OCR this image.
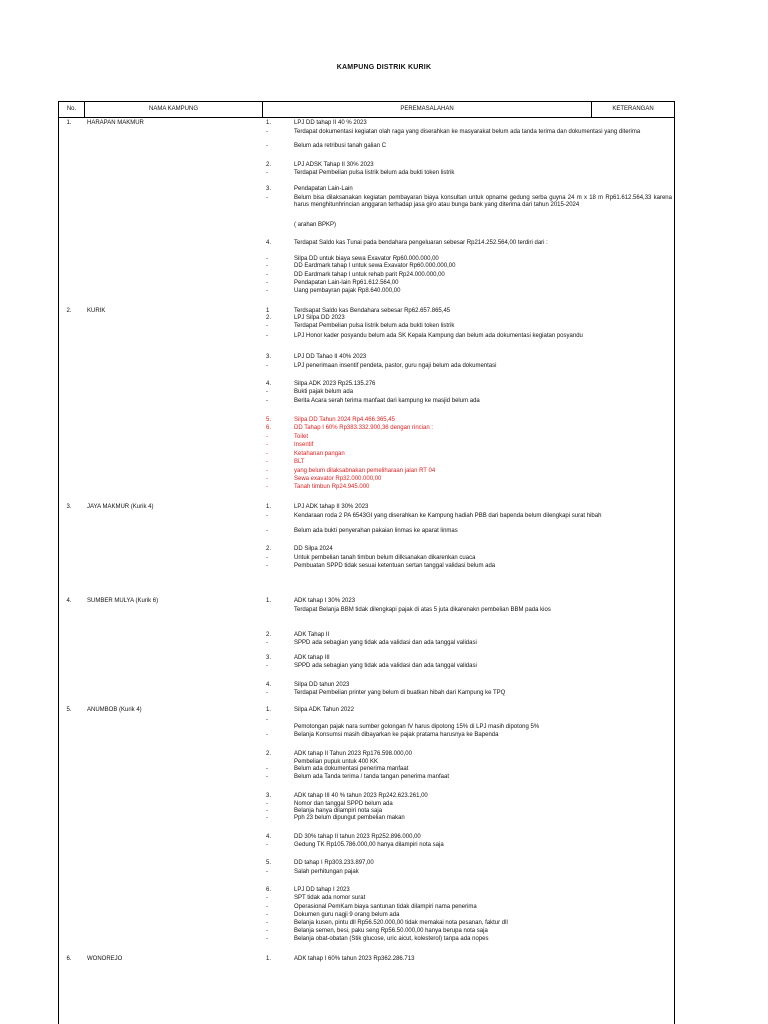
KAMPUNG DISTRIK KURIK
No.	NAMA KAMPUNG	PEREMASALAHAN	KETERANGAN
1.	HARAPAN MAKMUR	1.	LPJ DD tahap II 40 % 2023
-	Terdapat dokumentasi kegiatan olah raga yang diserahkan ke masyarakat belum ada tanda terima dan dokumentasi yang diterima
-	Belum ada retribusi tanah galian C
2.	LPJ ADSK Tahap II 30% 2023
-	Terdapat Pembelian pulsa listrik belum ada bukti token listrik
3.	Pendapatan Lain-Lain
-	Belum bisa dilaksanakan kegiatan pembayaran biaya konsultan untuk opname gedung serba guyna 24 m x 18 m Rp61.612.564,33 karena harus menghitunhrincian anggaran terhadap jasa giro atau bunga bank yang diterima dari tahun 2015-2024
( arahan BPKP)
4.	Terdapat Saldo kas Tunai pada bendahara pengeluaran sebesar Rp214.252.564,00 terdiri dari :
-	Silpa DD untuk biaya sewa Exavator Rp60.000.000,00
-	DD Eardmark tahap I untuk sewa Exavator Rp60.000.000,00
-	DD Eardmark tahap I untuk rehab parit Rp24.000.000,00
-	Pendapatan Lain-lain Rp61.612.564,00
-	Uang pembayran pajak Rp8.640.000,00
2.	KURIK	1	Terdsapat Saldo kas Bendahara sebesar Rp62.657.865,45
2.	LPJ Silpa DD 2023
-	Terdapat Pembelian pulsa listrik belum ada bukti token listrik
-	LPJ Honor kader posyandu belum ada SK Kepala Kampung dan belum ada dokumentasi kegiatan posyandu
3.	LPJ DD Tahao II 40% 2023
-	LPJ penerimaan insentif pendeta, pastor, guru ngaji belum ada dokumentasi
4.	Silpa ADK 2023 Rp25.135.276
-	Bukti pajak belum ada
-	Berita Acara serah terima manfaat dari kampung ke masjid belum ada
5.	Silpa DD Tahun 2024 Rp4.466.365,45
6.	DD Tahap I 60% Rp383.332.900,36 dengan rincian :
-	Toilet
-	Insentif
-	Ketahanan pangan
-	BLT
-	yang belum dilaksabnakan pemeliharaan jalan RT 04
-	Sewa exavator Rp32.000.000,00
-	Tanah timbun Rp24.945.000
3.	JAYA MAKMUR (Kurik 4)	1.	LPJ ADK tahap II 30% 2023
-	Kendaraan roda 2 PA 6543GI yang diserahkan ke Kampung hadiah PBB dari bapenda belum dilengkapi surat hibah
-	Belum ada bukti penyerahan pakaian linmas ke aparat linmas
2.	DD Silpa 2024
-	Untuk pembelian tanah timbun belum dilksanakan dikarenkan cuaca
-	Pembuatan SPPD tidak sesuai ketentuan sertan tanggal validasi belum ada
4.	SUMBER MULYA (Kurik 6)	1.	ADK tahap I 30% 2023
Terdapat Belanja BBM tidak dilengkapi pajak di atas 5 juta dikarenakn pembelian BBM pada kios
2.	ADK Tahap II
-	SPPD ada sebagian yang tidak ada validasi dan ada tanggal validasi
3.	ADK tahap III
-	SPPD ada sebagian yang tidak ada validasi dan ada tanggal validasi
4.	Silpa DD tahun 2023
-	Terdapat Pembelian printer yang belum di buatkan hibah dari Kampung ke TPQ
5.	ANUMBOB (Kurik 4)	1.	Silpa ADK Tahun 2022
-
Pemotongan pajak nara sumber golongan IV harus dipotong 15% di LPJ masih dipotong 5%
-	Belanja Konsumsi masih dibayarkan ke pajak pratama harusnya ke Bapenda
2.	ADK tahap II Tahun 2023 Rp176.598.000,00
Pembelian pupuk untuk 400 KK
-	Belum ada dokumentasi penerima manfaat
-	Belum ada Tanda terima / tanda tangan penerima manfaat
3.	ADK tahap III 40 % tahun 2023 Rp242.623.261,00
-	Nomor dan tanggal SPPD belum ada
-	Belanja hanya dilampiri nota saja
-	Pph 23 belum dipungut pembelian makan
4.	DD 30% tahap II tahun 2023 Rp252.896.000,00
-	Gedung TK Rp105.786.000,00 hanya dilampiri nota saja
5.	DD tahap I Rp303.233.897,00
-	Salah perhitungan pajak
6.	LPJ DD tahap I 2023
-	SPT tidak ada nomor surat
-	Operasional PemKam biaya santunan tidak dilampiri nama penerima
-	Dokumen guru nagji 9 orang belum ada
-	Belanja kusen, pintu dll Rp56.520.000,00 tidak memakai nota pesanan, faktur dll
-	Belanja semen, besi, paku seng Rp56.50.000,00 hanya berupa nota saja
-	Belanja obat-obatan (Stik glucose, uric aicut, kolesterol) tanpa ada nopes
6.	WONOREJO	1.	ADK tahap I 60% tahun 2023 Rp362.286.713
